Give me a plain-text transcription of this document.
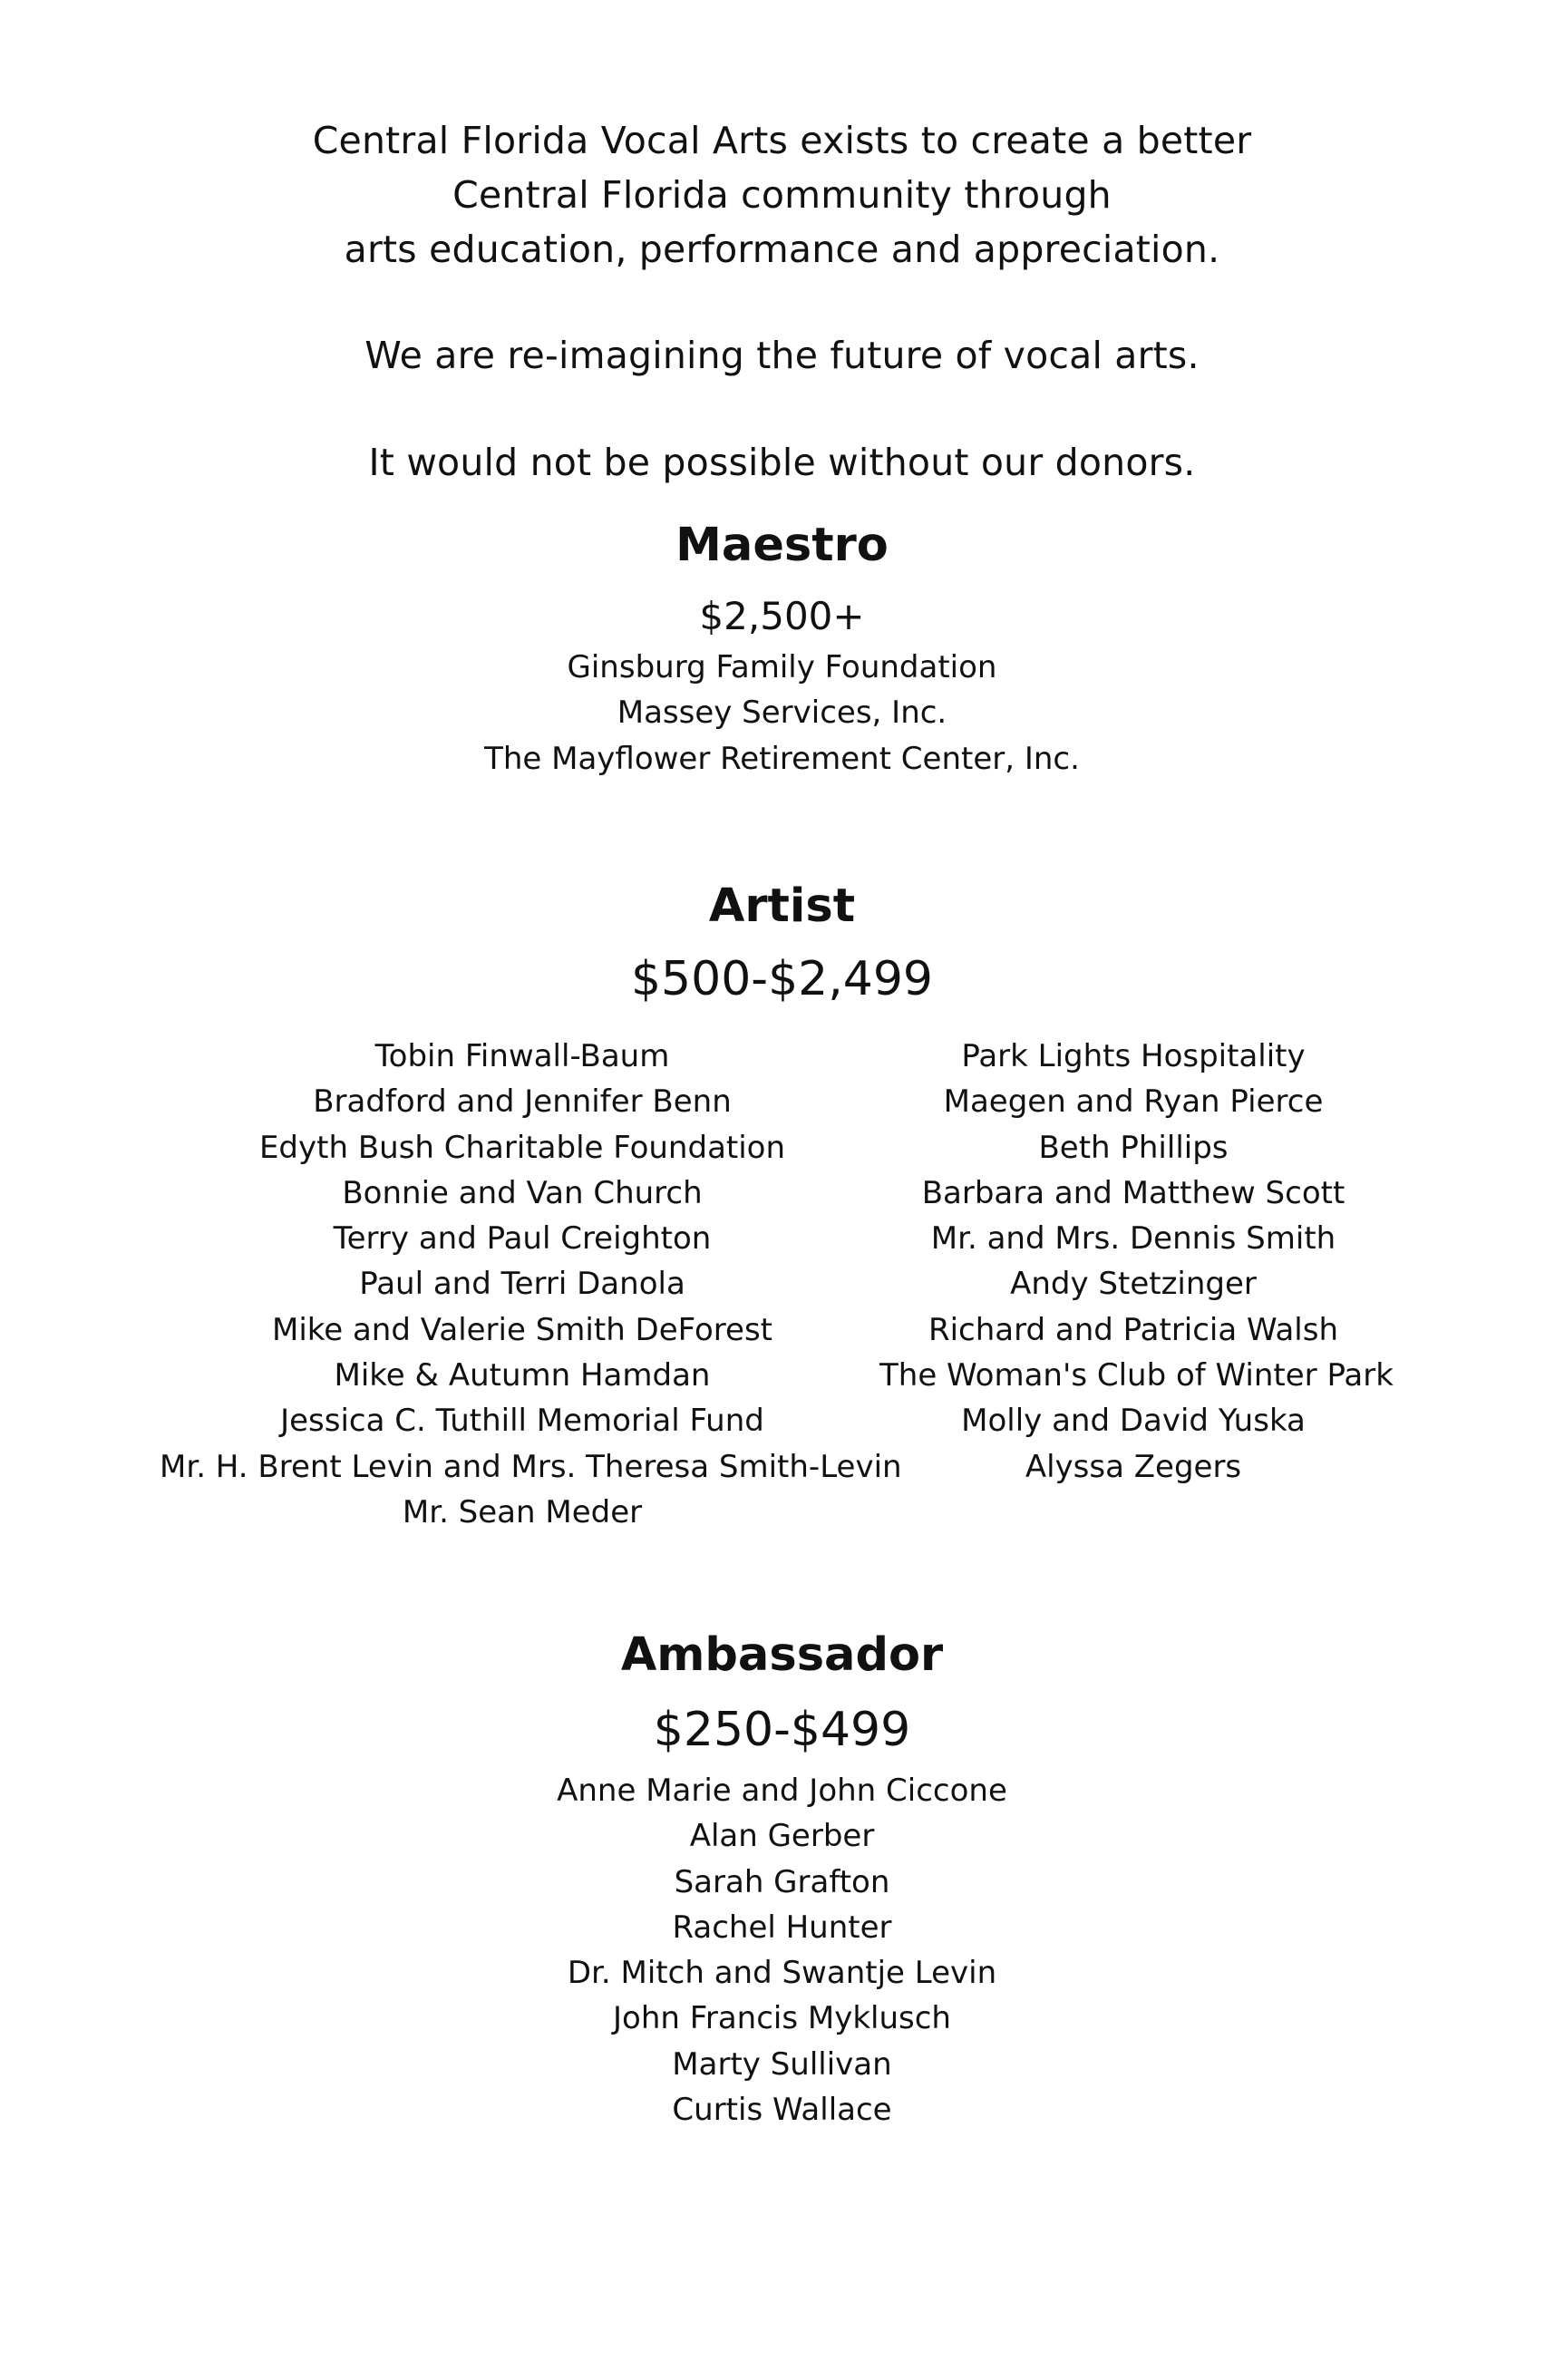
Central Florida Vocal Arts exists to create a better

Central Florida community through

arts education, performance and appreciation.

We are re-imagining the future of vocal arts.

It would not be possible without our donors.

Maestro
$2,500+
Ginsburg Family Foundation
Massey Services, Inc.
The Mayflower Retirement Center, Inc.
Artist
$500-$2,499
Tobin Finwall-Baum
Bradford and Jennifer Benn
Edyth Bush Charitable Foundation
Bonnie and Van Church
Terry and Paul Creighton
Paul and Terri Danola
Mike and Valerie Smith DeForest
Mike & Autumn Hamdan
Jessica C. Tuthill Memorial Fund
Mr. H. Brent Levin and Mrs. Theresa Smith-Levin
Mr. Sean Meder
Park Lights Hospitality
Maegen and Ryan Pierce
Beth Phillips
Barbara and Matthew Scott
Mr. and Mrs. Dennis Smith
Andy Stetzinger
Richard and Patricia Walsh
The Woman's Club of Winter Park
Molly and David Yuska
Alyssa Zegers
Ambassador
$250-$499
Anne Marie and John Ciccone
Alan Gerber
Sarah Grafton
Rachel Hunter
Dr. Mitch and Swantje Levin
John Francis Myklusch
Marty Sullivan
Curtis Wallace
